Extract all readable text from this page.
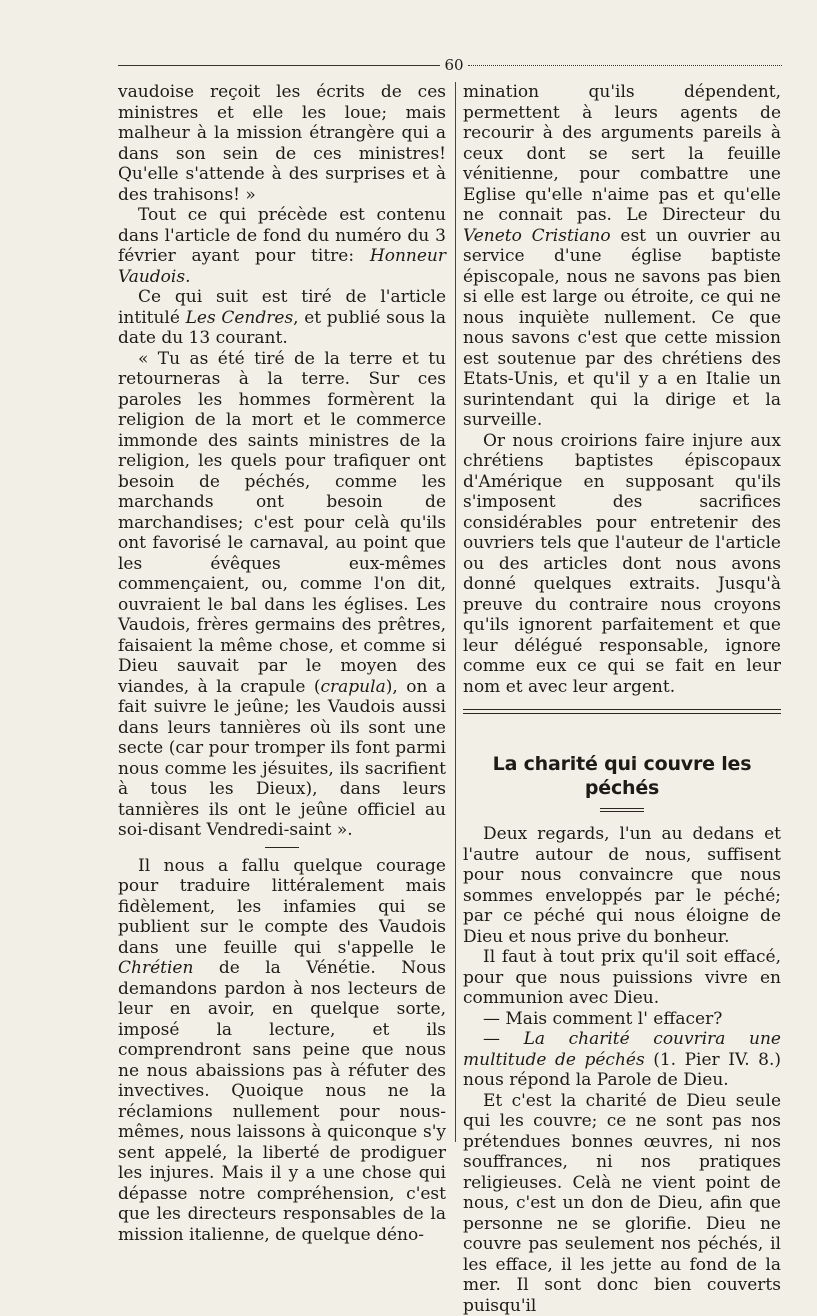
60

vaudoise reçoit les écrits de ces ministres et elle les loue; mais malheur à la mission étrangère qui a dans son sein de ces ministres! Qu'elle s'attende à des surprises et à des trahisons! »

Tout ce qui précède est contenu dans l'article de fond du numéro du 3 février ayant pour titre: Honneur Vaudois.

Ce qui suit est tiré de l'article intitulé Les Cendres, et publié sous la date du 13 courant.

« Tu as été tiré de la terre et tu retourneras à la terre. Sur ces paroles les hommes formèrent la religion de la mort et le commerce immonde des saints ministres de la religion, les quels pour trafiquer ont besoin de péchés, comme les marchands ont besoin de marchandises; c'est pour celà qu'ils ont favorisé le carnaval, au point que les évêques eux-mêmes commençaient, ou, comme l'on dit, ouvraient le bal dans les églises. Les Vaudois, frères germains des prêtres, faisaient la même chose, et comme si Dieu sauvait par le moyen des viandes, à la crapule (crapula), on a fait suivre le jeûne; les Vaudois aussi dans leurs tannières où ils sont une secte (car pour tromper ils font parmi nous comme les jésuites, ils sacrifient à tous les Dieux), dans leurs tannières ils ont le jeûne officiel au soi-disant Vendredi-saint ».

Il nous a fallu quelque courage pour traduire littéralement mais fidèlement, les infamies qui se publient sur le compte des Vaudois dans une feuille qui s'appelle le Chrétien de la Vénétie. Nous demandons pardon à nos lecteurs de leur en avoir, en quelque sorte, imposé la lecture, et ils comprendront sans peine que nous ne nous abaissions pas à réfuter des invectives. Quoique nous ne la réclamions nullement pour nous-mêmes, nous laissons à quiconque s'y sent appelé, la liberté de prodiguer les injures. Mais il y a une chose qui dépasse notre compréhension, c'est que les directeurs responsables de la mission italienne, de quelque déno-

mination qu'ils dépendent, permettent à leurs agents de recourir à des arguments pareils à ceux dont se sert la feuille vénitienne, pour combattre une Eglise qu'elle n'aime pas et qu'elle ne connait pas. Le Directeur du Veneto Cristiano est un ouvrier au service d'une église baptiste épiscopale, nous ne savons pas bien si elle est large ou étroite, ce qui ne nous inquiète nullement. Ce que nous savons c'est que cette mission est soutenue par des chrétiens des Etats-Unis, et qu'il y a en Italie un surintendant qui la dirige et la surveille.

Or nous croirions faire injure aux chrétiens baptistes épiscopaux d'Amérique en supposant qu'ils s'imposent des sacrifices considérables pour entretenir des ouvriers tels que l'auteur de l'article ou des articles dont nous avons donné quelques extraits. Jusqu'à preuve du contraire nous croyons qu'ils ignorent parfaitement et que leur délégué responsable, ignore comme eux ce qui se fait en leur nom et avec leur argent.

La charité qui couvre les péchés

Deux regards, l'un au dedans et l'autre autour de nous, suffisent pour nous convaincre que nous sommes enveloppés par le péché; par ce péché qui nous éloigne de Dieu et nous prive du bonheur.

Il faut à tout prix qu'il soit effacé, pour que nous puissions vivre en communion avec Dieu.

— Mais comment l' effacer?

— La charité couvrira une multitude de péchés (1. Pier IV. 8.) nous répond la Parole de Dieu.

Et c'est la charité de Dieu seule qui les couvre; ce ne sont pas nos prétendues bonnes œuvres, ni nos souffrances, ni nos pratiques religieuses. Celà ne vient point de nous, c'est un don de Dieu, afin que personne ne se glorifie. Dieu ne couvre pas seulement nos péchés, il les efface, il les jette au fond de la mer. Il sont donc bien couverts puisqu'il
